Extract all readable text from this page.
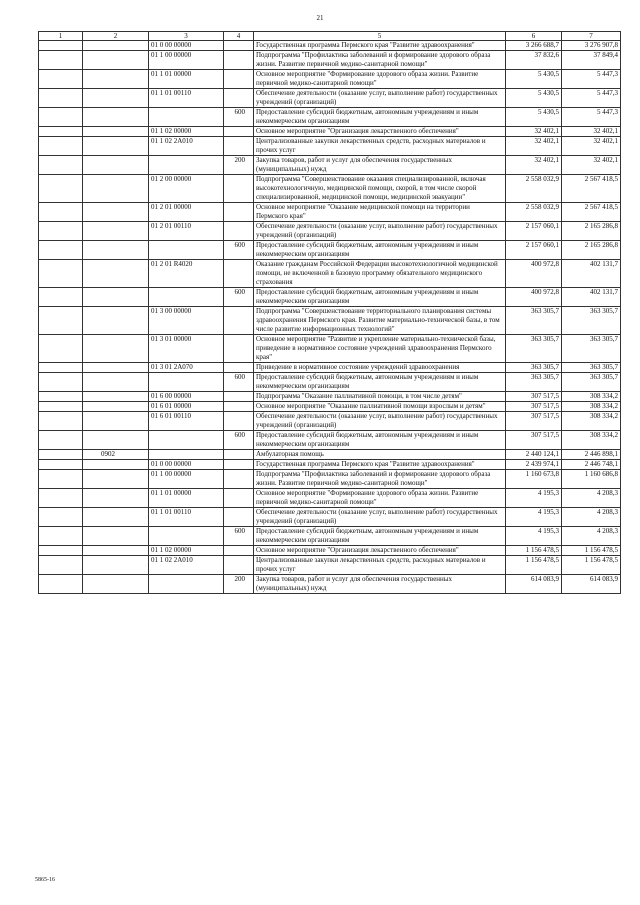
21
1	2	3	4	5	6	7
		01 0 00 00000		Государственная программа Пермского края "Развитие здравоохранения"	3 266 688,7	3 276 907,8
		01 1 00 00000		Подпрограмма "Профилактика заболеваний и формирование здорового образа жизни. Развитие первичной медико-санитарной помощи"	37 832,6	37 849,4
		01 1 01 00000		Основное мероприятие "Формирование здорового образа жизни. Развитие первичной медико-санитарной помощи"	5 430,5	5 447,3
		01 1 01 00110		Обеспечение деятельности (оказание услуг, выполнение работ) государственных учреждений (организаций)	5 430,5	5 447,3
			600	Предоставление субсидий бюджетным, автономным учреждениям и иным некоммерческим организациям	5 430,5	5 447,3
		01 1 02 00000		Основное мероприятие "Организация лекарственного обеспечения"	32 402,1	32 402,1
		01 1 02 2А010		Централизованные закупки лекарственных средств, расходных материалов и прочих услуг	32 402,1	32 402,1
			200	Закупка товаров, работ и услуг для обеспечения государственных (муниципальных) нужд	32 402,1	32 402,1
		01 2 00 00000		Подпрограмма "Совершенствование оказания специализированной, включая высокотехнологичную, медицинской помощи, скорой, в том числе скорой специализированной, медицинской помощи, медицинской эвакуации"	2 558 032,9	2 567 418,5
		01 2 01 00000		Основное мероприятие "Оказание медицинской помощи на территории Пермского края"	2 558 032,9	2 567 418,5
		01 2 01 00110		Обеспечение деятельности (оказание услуг, выполнение работ) государственных учреждений (организаций)	2 157 060,1	2 165 286,8
			600	Предоставление субсидий бюджетным, автономным учреждениям и иным некоммерческим организациям	2 157 060,1	2 165 286,8
		01 2 01 R4020		Оказание гражданам Российской Федерации высокотехнологичной медицинской помощи, не включенной в базовую программу обязательного медицинского страхования	400 972,8	402 131,7
			600	Предоставление субсидий бюджетным, автономным учреждениям и иным некоммерческим организациям	400 972,8	402 131,7
		01 3 00 00000		Подпрограмма "Совершенствование территориального планирования системы здравоохранения Пермского края. Развитие материально-технической базы, в том числе развитие информационных технологий"	363 305,7	363 305,7
		01 3 01 00000		Основное мероприятие "Развитие и укрепление материально-технической базы, приведение в нормативное состояние учреждений здравоохранения Пермского края"	363 305,7	363 305,7
		01 3 01 2А070		Приведение в нормативное состояние учреждений здравоохранения	363 305,7	363 305,7
			600	Предоставление субсидий бюджетным, автономным учреждениям и иным некоммерческим организациям	363 305,7	363 305,7
		01 6 00 00000		Подпрограмма "Оказание паллиативной помощи, в том числе детям"	307 517,5	308 334,2
		01 6 01 00000		Основное мероприятие "Оказание паллиативной помощи взрослым и детям"	307 517,5	308 334,2
		01 6 01 00110		Обеспечение деятельности (оказание услуг, выполнение работ) государственных учреждений (организаций)	307 517,5	308 334,2
			600	Предоставление субсидий бюджетным, автономным учреждениям и иным некоммерческим организациям	307 517,5	308 334,2
	0902			Амбулаторная помощь	2 440 124,1	2 446 898,1
		01 0 00 00000		Государственная программа Пермского края "Развитие здравоохранения"	2 439 974,1	2 446 748,1
		01 1 00 00000		Подпрограмма "Профилактика заболеваний и формирование здорового образа жизни. Развитие первичной медико-санитарной помощи"	1 160 673,8	1 160 686,8
		01 1 01 00000		Основное мероприятие "Формирование здорового образа жизни. Развитие первичной медико-санитарной помощи"	4 195,3	4 208,3
		01 1 01 00110		Обеспечение деятельности (оказание услуг, выполнение работ) государственных учреждений (организаций)	4 195,3	4 208,3
			600	Предоставление субсидий бюджетным, автономным учреждениям и иным некоммерческим организациям	4 195,3	4 208,3
		01 1 02 00000		Основное мероприятие "Организация лекарственного обеспечения"	1 156 478,5	1 156 478,5
		01 1 02 2А010		Централизованные закупки лекарственных средств, расходных материалов и прочих услуг	1 156 478,5	1 156 478,5
			200	Закупка товаров, работ и услуг для обеспечения государственных (муниципальных) нужд	614 083,9	614 083,9
5865-16
